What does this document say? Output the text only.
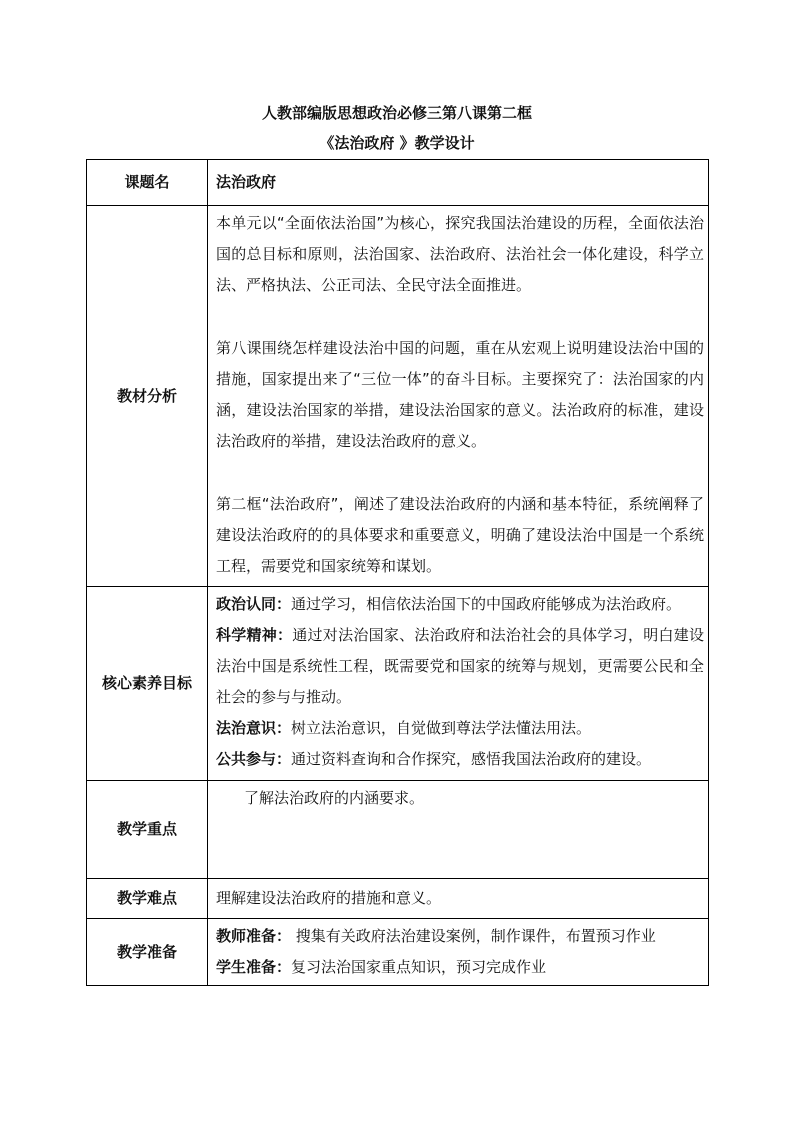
人教部编版思想政治必修三第八课第二框
《法治政府 》教学设计
课题名	法治政府
教材分析	本单元以“全面依法治国”为核心，探究我国法治建设的历程，全面依法治国的总目标和原则，法治国家、法治政府、法治社会一体化建设，科学立法、严格执法、公正司法、全民守法全面推进。

第八课围绕怎样建设法治中国的问题，重在从宏观上说明建设法治中国的措施，国家提出来了“三位一体”的奋斗目标。主要探究了：法治国家的内涵，建设法治国家的举措，建设法治国家的意义。法治政府的标准，建设法治政府的举措，建设法治政府的意义。

第二框“法治政府”，阐述了建设法治政府的内涵和基本特征，系统阐释了建设法治政府的的具体要求和重要意义，明确了建设法治中国是一个系统工程，需要党和国家统筹和谋划。

核心素养目标	政治认同：通过学习，相信依法治国下的中国政府能够成为法治政府。

科学精神：通过对法治国家、法治政府和法治社会的具体学习，明白建设法治中国是系统性工程，既需要党和国家的统筹与规划，更需要公民和全社会的参与与推动。

法治意识：树立法治意识，自觉做到尊法学法懂法用法。

公共参与：通过资料查询和合作探究，感悟我国法治政府的建设。

教学重点	了解法治政府的内涵要求。

教学难点	理解建设法治政府的措施和意义。

教学准备	教师准备： 搜集有关政府法治建设案例，制作课件，布置预习作业

学生准备：复习法治国家重点知识，预习完成作业
